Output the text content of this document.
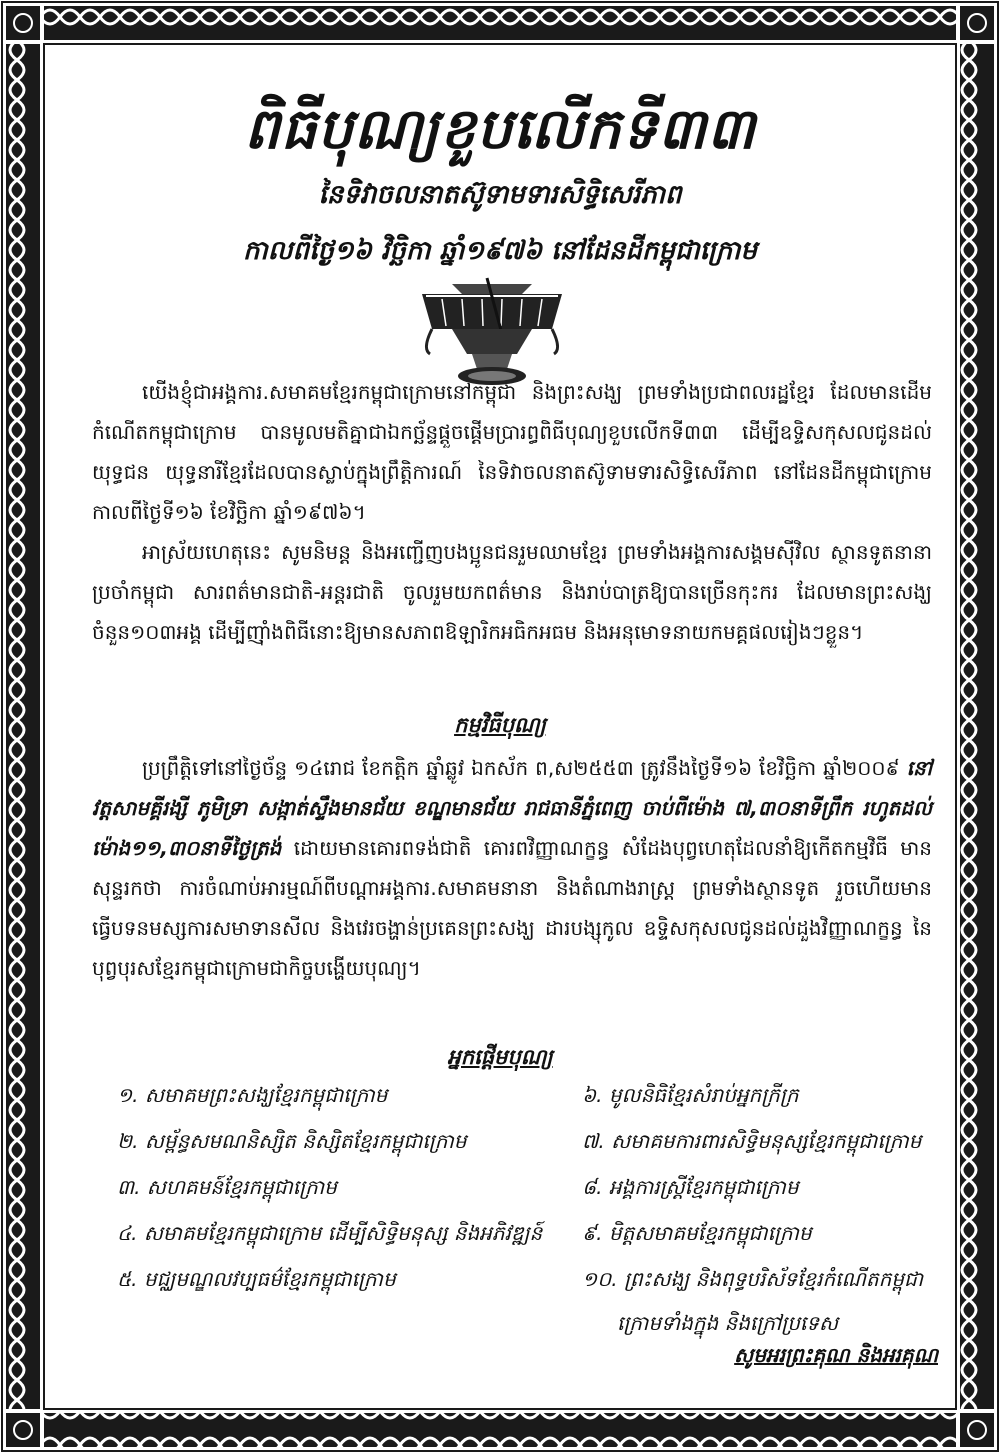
ពិធីបុណ្យខួបលើកទី៣៣
នៃទិវាចលនាតស៊ូទាមទារសិទ្ធិសេរីភាព
កាលពីថ្ងៃ១៦ វិច្ឆិកា ឆ្នាំ១៩៧៦ នៅដែនដីកម្ពុជាក្រោម
យើងខ្ញុំជាអង្គការ.សមាគមខ្មែរកម្ពុជាក្រោមនៅកម្ពុជា និងព្រះសង្ឃ ព្រមទាំងប្រជាពលរដ្ឋខ្មែរ ដែលមានដើមកំណើតកម្ពុជាក្រោម បានមូលមតិគ្នាជាឯកច្ឆ័ន្ទផ្តួចផ្តើមប្រារព្ធពិធីបុណ្យខួបលើកទី៣៣ ដើម្បីឧទ្ទិសកុសលជូនដល់យុទ្ធជន យុទ្ធនារីខ្មែរដែលបានស្លាប់ក្នុងព្រឹត្តិការណ៍ នៃទិវាចលនាតស៊ូទាមទារសិទ្ធិសេរីភាព នៅដែនដីកម្ពុជាក្រោម កាលពីថ្ងៃទី១៦ ខែវិច្ឆិកា ឆ្នាំ១៩៧៦។
អាស្រ័យហេតុនេះ សូមនិមន្ត និងអញ្ជើញបងប្អូនជនរួមឈាមខ្មែរ ព្រមទាំងអង្គការសង្គមស៊ីវិល ស្ថានទូតនានាប្រចាំកម្ពុជា សារពត៌មានជាតិ-អន្តរជាតិ ចូលរួមយកពត៌មាន និងរាប់បាត្រឱ្យបានច្រើនកុះករ ដែលមានព្រះសង្ឃចំនួន១០៣អង្គ ដើម្បីញ៉ាំងពិធីនោះឱ្យមានសភាពឱឡារិកអធិកអធម និងអនុមោទនាយកមគ្គផលរៀងៗខ្លួន។
កម្មវិធីបុណ្យ
ប្រព្រឹត្តិទៅនៅថ្ងៃច័ន្ទ ១៤រោជ ខែកត្តិក ឆ្នាំឆ្លូវ ឯកស័ក ព,ស២៥៥៣ ត្រូវនឹងថ្ងៃទី១៦ ខែវិច្ឆិកា ឆ្នាំ២០០៩ នៅវត្តសាមគ្គីរង្សី ភូមិទ្រា សង្កាត់ស្ទឹងមានជ័យ ខណ្ឌមានជ័យ រាជធានីភ្នំពេញ ចាប់ពីម៉ោង ៧,៣០នាទីព្រឹក រហូតដល់ម៉ោង១១,៣០នាទីថ្ងៃត្រង់ ដោយមានគោរពទង់ជាតិ គោរពវិញ្ញាណក្ខន្ធ សំដែងបុព្វហេតុដែលនាំឱ្យកើតកម្មវិធី មានសុន្ទរកថា ការចំណាប់អារម្មណ៍ពីបណ្តាអង្គការ.សមាគមនានា និងតំណាងរាស្ត្រ ព្រមទាំងស្ថានទូត រួចហើយមានធ្វើបទនមស្សការសមាទានសីល និងវេរចង្ហាន់ប្រគេនព្រះសង្ឃ ដារបង្សុកូល ឧទ្ទិសកុសលជូនដល់ដួងវិញ្ញាណក្ខន្ធ នៃបុព្វបុរសខ្មែរកម្ពុជាក្រោមជាកិច្ចបង្ហើយបុណ្យ។
អ្នកផ្តើមបុណ្យ
១. សមាគមព្រះសង្ឃខ្មែរកម្ពុជាក្រោម
២. សម្ព័ន្ធសមណនិស្សិត និស្សិតខ្មែរកម្ពុជាក្រោម
៣. សហគមន៍ខ្មែរកម្ពុជាក្រោម
៤. សមាគមខ្មែរកម្ពុជាក្រោម ដើម្បីសិទ្ធិមនុស្ស និងអភិវឌ្ឍន៍
៥. មជ្ឈមណ្ឌលវប្បធម៌ខ្មែរកម្ពុជាក្រោម
៦. មូលនិធិខ្មែរសំរាប់អ្នកក្រីក្រ
៧. សមាគមការពារសិទ្ធិមនុស្សខ្មែរកម្ពុជាក្រោម
៨. អង្គការស្ត្រីខ្មែរកម្ពុជាក្រោម
៩. មិត្តសមាគមខ្មែរកម្ពុជាក្រោម
១០. ព្រះសង្ឃ និងពុទ្ធបរិស័ទខ្មែរកំណើតកម្ពុជា
ក្រោមទាំងក្នុង និងក្រៅប្រទេស
សូមអរព្រះគុណ និងអរគុណ
